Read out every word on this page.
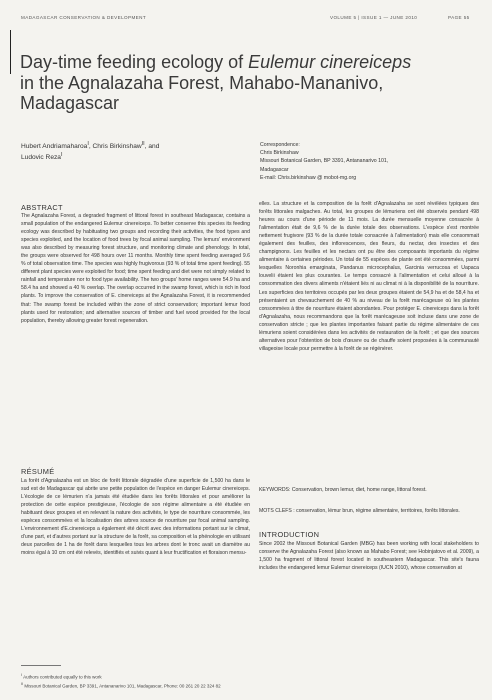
MADAGASCAR CONSERVATION & DEVELOPMENT	VOLUME 5 | ISSUE 1 — JUNE 2010	PAGE 55
Day-time feeding ecology of Eulemur cinereiceps
in the Agnalazaha Forest, Mahabo-Mananivo,
Madagascar
Hubert Andriamaharoa$^I$, Chris Birkinshaw$^{II}$, and
Ludovic Reza$^I$
Correspondence:
Chris Birkinshaw
Missouri Botanical Garden, BP 3391, Antananarivo 101,
Madagascar
E-mail: Chris.birkinshaw @ mobot-mg.org
ABSTRACT

The Agnalazaha Forest, a degraded fragment of littoral forest in southeast Madagascar, contains a small population of the endangered Eulemur cinereiceps. To better conserve this species its feeding ecology was described by habituating two groups and recording their activities, the food types and species exploited, and the location of food trees by focal animal sampling. The lemurs' environment was also described by measuring forest structure, and monitoring climate and phenology. In total, the groups were observed for 498 hours over 11 months. Monthly time spent feeding averaged 9.6 % of total observation time. The species was highly frugivorous (93 % of total time spent feeding). 55 different plant species were exploited for food; time spent feeding and diet were not simply related to rainfall and temperature nor to food type availability. The two groups' home ranges were 54.9 ha and 58.4 ha and showed a 40 % overlap. The overlap occurred in the swamp forest, which is rich in food plants. To improve the conservation of E. cinereiceps at the Agnalazaha Forest, it is recommended that: The swamp forest be included within the zone of strict conservation; important lemur food plants used for restoration; and alternative sources of timber and fuel wood provided for the local population, thereby allowing greater forest regeneration.

RÉSUMÉ

La forêt d'Agnalazaha est un bloc de forêt littorale dégradée d'une superficie de 1,500 ha dans le sud est de Madagascar qui abrite une petite population de l'espèce en danger Eulemur cinereiceps. L'écologie de ce lémurien n'a jamais été étudiée dans les forêts littorales et pour améliorer la protection de cette espèce prestigieuse, l'écologie de son régime alimentaire a été étudiée en habituant deux groupes et en relevant la nature des activités, le type de nourriture consommée, les espèces consommées et la localisation des arbres source de nourriture par focal animal sampling. L'environnement d'E.cinereiceps a également été décrit avec des informations portant sur le climat, d'une part, et d'autres portant sur la structure de la forêt, sa composition et la phénologie en utilisant deux parcelles de 1 ha de forêt dans lesquelles tous les arbres dont le tronc avait un diamètre au moins égal à 10 cm ont été relevés, identifiés et suivis quant à leur fructification et floraison mensu-

elles. La structure et la composition de la forêt d'Agnalazaha se sont révélées typiques des forêts littorales malgaches. Au total, les groupes de lémuriens ont été observés pendant 498 heures au cours d'une période de 11 mois. La durée mensuelle moyenne consacrée à l'alimentation était de 9,6 % de la durée totale des observations. L'espèce s'est montrée nettement frugivore (93 % de la durée totale consacrée à l'alimentation) mais elle consommait également des feuilles, des inflorescences, des fleurs, du nectar, des insectes et des champignons. Les feuilles et les nectars ont pu être des composants importants du régime alimentaire à certaines périodes. Un total de 55 espèces de plante ont été consommées, parmi lesquelles Noronhia emarginata, Pandanus microcephalus, Garcinia verrucosa et Uapaca louvelii étaient les plus courantes. Le temps consacré à l'alimentation et celui alloué à la consommation des divers aliments n'étaient liés ni au climat ni à la disponibilité de la nourriture. Les superficies des territoires occupés par les deux groupes étaient de 54,9 ha et de 58,4 ha et présentaient un chevauchement de 40 % au niveau de la forêt marécageuse où les plantes consommées à titre de nourriture étaient abondantes. Pour protéger E. cinereiceps dans la forêt d'Agnalazaha, nous recommandons que la forêt marécageuse soit incluse dans une zone de conservation stricte ; que les plantes importantes faisant partie du régime alimentaire de ces lémuriens soient considérées dans les activités de restauration de la forêt ; et que des sources alternatives pour l'obtention de bois d'œuvre ou de chauffe soient proposées à la communauté villageoise locale pour permettre à la forêt de se régénérer.

KEYWORDS: Conservation, brown lemur, diet, home range, littoral forest.

MOTS CLEFS : conservation, lémur brun, régime alimentaire, territoires, forêts littorales.

INTRODUCTION

Since 2002 the Missouri Botanical Garden (MBG) has been working with local stakeholders to conserve the Agnalazaha Forest (also known as Mahabo Forest; see Hobinjatovo et al. 2009), a 1,500 ha fragment of littoral forest located in southeastern Madagascar. This site's fauna includes the endangered lemur Eulemur cinereiceps (IUCN 2010), whose conservation at

$^I$ Authors contributed equally to this work
$^{II}$ Missouri Botanical Garden, BP 3391, Antananarivo 101, Madagascar, Phone: 00 261 20 22 324 82
